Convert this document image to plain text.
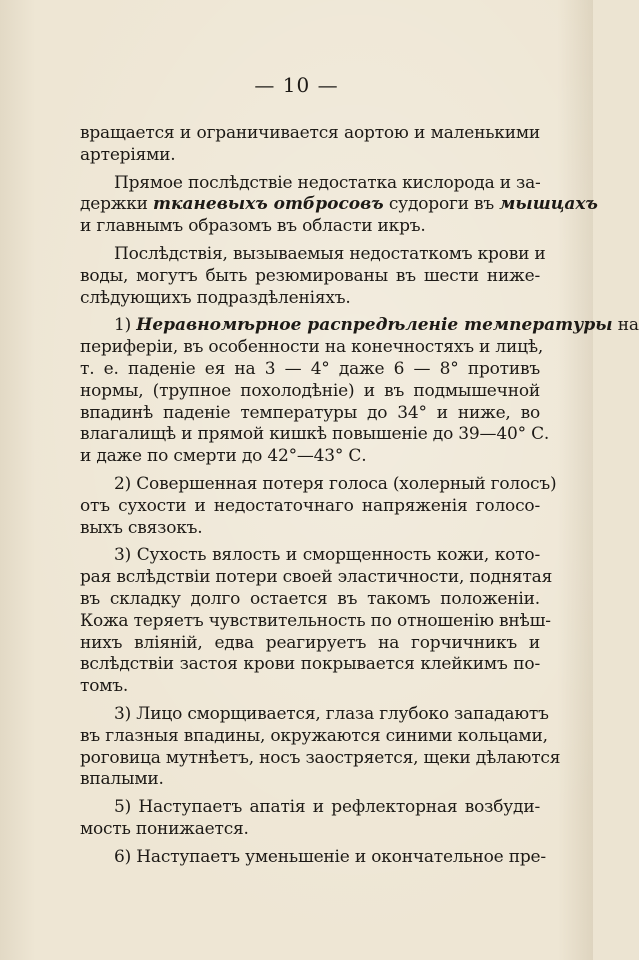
— 10 —
вращается и ограничивается аортою и маленькими
артеріями.
Прямое послѣдствіе недостатка кислорода и за-
держки тканевыхъ отбросовъ судороги въ мышцахъ
и главнымъ образомъ въ области икръ.
Послѣдствія, вызываемыя недостаткомъ крови и
воды, могутъ быть резюмированы въ шести ниже-
слѣдующихъ подраздѣленіяхъ.
1) Неравномѣрное распредѣленіе температуры на
периферіи, въ особенности на конечностяхъ и лицѣ,
т. е. паденіе ея на 3 — 4° даже 6 — 8° противъ
нормы, (трупное похолодѣніе) и въ подмышечной
впадинѣ паденіе температуры до 34° и ниже, во
влагалищѣ и прямой кишкѣ повышеніе до 39—40° С.
и даже по смерти до 42°—43° С.
2) Совершенная потеря голоса (холерный голосъ)
отъ сухости и недостаточнаго напряженія голосо-
выхъ связокъ.
3) Сухость вялость и сморщенность кожи, кото-
рая вслѣдствіи потери своей эластичности, поднятая
въ складку долго остается въ такомъ положеніи.
Кожа теряетъ чувствительность по отношенію внѣш-
нихъ вліяній, едва реагируетъ на горчичникъ и
вслѣдствіи застоя крови покрывается клейкимъ по-
томъ.
3) Лицо сморщивается, глаза глубоко западаютъ
въ глазныя впадины, окружаются синими кольцами,
роговица мутнѣетъ, носъ заостряется, щеки дѣлаются
впалыми.
5) Наступаетъ апатія и рефлекторная возбуди-
мость понижается.
6) Наступаетъ уменьшеніе и окончательное пре-
